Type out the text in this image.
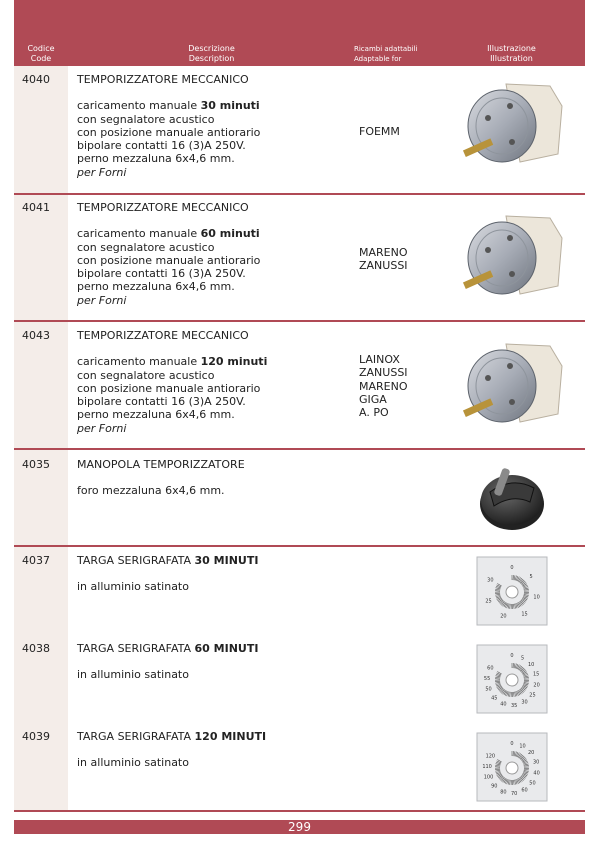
Codice
Code
Descrizione
Description
Ricambi adattabili
Adaptable for
Illustrazione
Illustration
4040 TEMPORIZZATORE MECCANICO
caricamento manuale 30 minuti
con segnalatore acustico
con posizione manuale antiorario
bipolare contatti 16 (3)A 250V.
perno mezzaluna 6x4,6 mm.
per Forni
FOEMM
4041 TEMPORIZZATORE MECCANICO
caricamento manuale 60 minuti
con segnalatore acustico
con posizione manuale antiorario
bipolare contatti 16 (3)A 250V.
perno mezzaluna 6x4,6 mm.
per Forni
MARENO
ZANUSSI
4043 TEMPORIZZATORE MECCANICO
caricamento manuale 120 minuti
con segnalatore acustico
con posizione manuale antiorario
bipolare contatti 16 (3)A 250V.
perno mezzaluna 6x4,6 mm.
per Forni
LAINOX
ZANUSSI
MARENO
GIGA
A. PO
4035 MANOPOLA TEMPORIZZATORE
foro mezzaluna 6x4,6 mm.
4037 TARGA SERIGRAFATA 30 MINUTI
in alluminio satinato
0
5
10
15
20
25
30
4038 TARGA SERIGRAFATA 60 MINUTI
in alluminio satinato
0 5
10
15
20
25
30
35
40
45
50
55
60
4039 TARGA SERIGRAFATA 120 MINUTI
in alluminio satinato
0 10
20
30
40
50
60
70
80
90
100
110
120
299
